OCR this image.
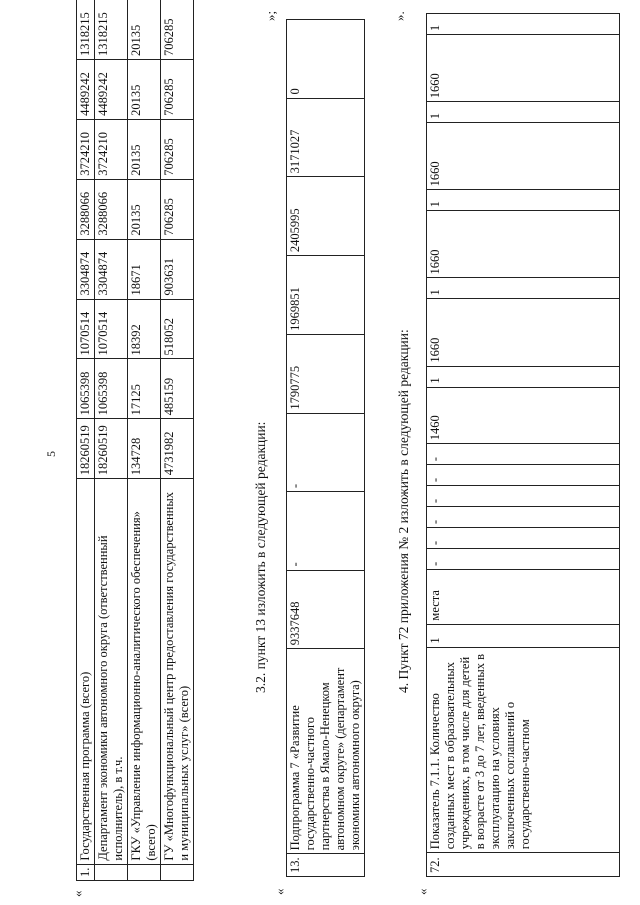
5
«
1.	Государственная программа (всего)	18260519	1065398	1070514	3304874	3288066	3724210	4489242	1318215
	Департамент экономики автономного округа (ответственный исполнитель), в т.ч.	18260519	1065398	1070514	3304874	3288066	3724210	4489242	1318215
	ГКУ «Управление информационно-аналитического обеспечения» (всего)	134728	17125	18392	18671	20135	20135	20135	20135
	ГУ «Многофункциональный центр предоставления государственных и муниципальных услуг» (всего)	4731982	485159	518052	903631	706285	706285	706285	706285
»;
3.2. пункт 13 изложить в следующей редакции:
«
13.	Подпрограмма 7 «Развитие государственно-частного партнерства в Ямало-Ненецком автономном округе» (департамент экономики автономного округа)	9337648	-	-	1790775	1969851	2405995	3171027	0
».
4. Пункт 72 приложения № 2 изложить в следующей редакции:
«
72.	Показатель 7.1.1. Количество созданных мест в образовательных учреждениях, в том числе для детей в возрасте от 3 до 7 лет, введенных в эксплуатацию на условиях заключенных соглашений о государственно-частном	1	места	-	-	-	-	-	-	1460	1	1660	1	1660	1	1660	1	1660	1
